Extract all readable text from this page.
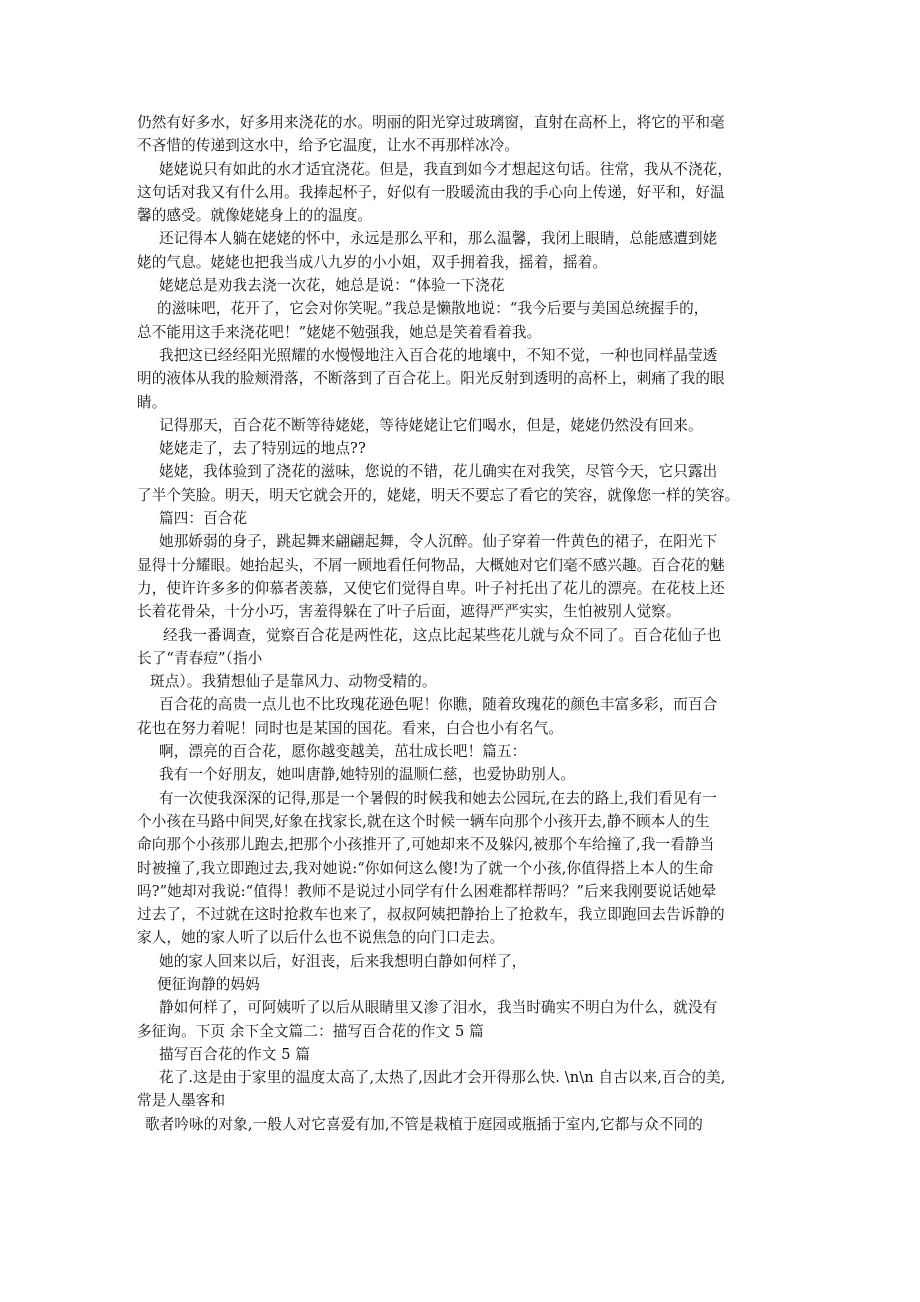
仍然有好多水，好多用来浇花的水。明丽的阳光穿过玻璃窗，直射在高杯上，将它的平和毫
不吝惜的传递到这水中，给予它温度，让水不再那样冰冷。
姥姥说只有如此的水才适宜浇花。但是，我直到如今才想起这句话。往常，我从不浇花，
这句话对我又有什么用。我捧起杯子，好似有一股暖流由我的手心向上传递，好平和，好温
馨的感受。就像姥姥身上的的温度。
还记得本人躺在姥姥的怀中，永远是那么平和，那么温馨，我闭上眼睛，总能感遭到姥
姥的气息。姥姥也把我当成八九岁的小小姐，双手拥着我，摇着，摇着。
姥姥总是劝我去浇一次花，她总是说：“体验一下浇花
的滋味吧，花开了，它会对你笑呢。”我总是懒散地说：“我今后要与美国总统握手的，
总不能用这手来浇花吧！”姥姥不勉强我，她总是笑着看着我。
我把这已经经阳光照耀的水慢慢地注入百合花的地壤中，不知不觉，一种也同样晶莹透
明的液体从我的脸颊滑落，不断落到了百合花上。阳光反射到透明的高杯上，刺痛了我的眼
睛。
记得那天，百合花不断等待姥姥，等待姥姥让它们喝水，但是，姥姥仍然没有回来。
姥姥走了，去了特别远的地点??
姥姥，我体验到了浇花的滋味，您说的不错，花儿确实在对我笑，尽管今天，它只露出
了半个笑脸。明天，明天它就会开的，姥姥，明天不要忘了看它的笑容，就像您一样的笑容。
篇四：百合花
她那娇弱的身子，跳起舞来翩翩起舞，令人沉醉。仙子穿着一件黄色的裙子，在阳光下
显得十分耀眼。她抬起头，不屑一顾地看任何物品，大概她对它们毫不感兴趣。百合花的魅
力，使许许多多的仰慕者羡慕，又使它们觉得自卑。叶子衬托出了花儿的漂亮。在花枝上还
长着花骨朵，十分小巧，害羞得躲在了叶子后面，遮得严严实实，生怕被别人觉察。
经我一番调查，觉察百合花是两性花，这点比起某些花儿就与众不同了。百合花仙子也
长了“青春痘”（指小
斑点）。我猜想仙子是靠风力、动物受精的。
百合花的高贵一点儿也不比玫瑰花逊色呢！你瞧，随着玫瑰花的颜色丰富多彩，而百合
花也在努力着呢！同时也是某国的国花。看来，白合也小有名气。
啊，漂亮的百合花，愿你越变越美，茁壮成长吧！篇五：
我有一个好朋友，她叫唐静,她特别的温顺仁慈，也爱协助别人。
有一次使我深深的记得,那是一个暑假的时候我和她去公园玩,在去的路上,我们看见有一
个小孩在马路中间哭,好象在找家长,就在这个时候一辆车向那个小孩开去,静不顾本人的生
命向那个小孩那儿跑去,把那个小孩推开了,可她却来不及躲闪,被那个车给撞了,我一看静当
时被撞了,我立即跑过去,我对她说:“你如何这么傻!为了就一个小孩,你值得搭上本人的生命
吗?”她却对我说:“值得！教师不是说过小同学有什么困难都样帮吗？”后来我刚要说话她晕
过去了，不过就在这时抢救车也来了，叔叔阿姨把静抬上了抢救车，我立即跑回去告诉静的
家人，她的家人听了以后什么也不说焦急的向门口走去。
她的家人回来以后，好沮丧，后来我想明白静如何样了，
便征询静的妈妈
静如何样了，可阿姨听了以后从眼睛里又渗了泪水，我当时确实不明白为什么，就没有
多征询。下页 余下全文篇二：描写百合花的作文 5 篇
描写百合花的作文 5 篇
花了.这是由于家里的温度太高了,太热了,因此才会开得那么快. \n\n 自古以来,百合的美,
常是人墨客和
歌者吟咏的对象,一般人对它喜爱有加,不管是栽植于庭园或瓶插于室内,它都与众不同的
